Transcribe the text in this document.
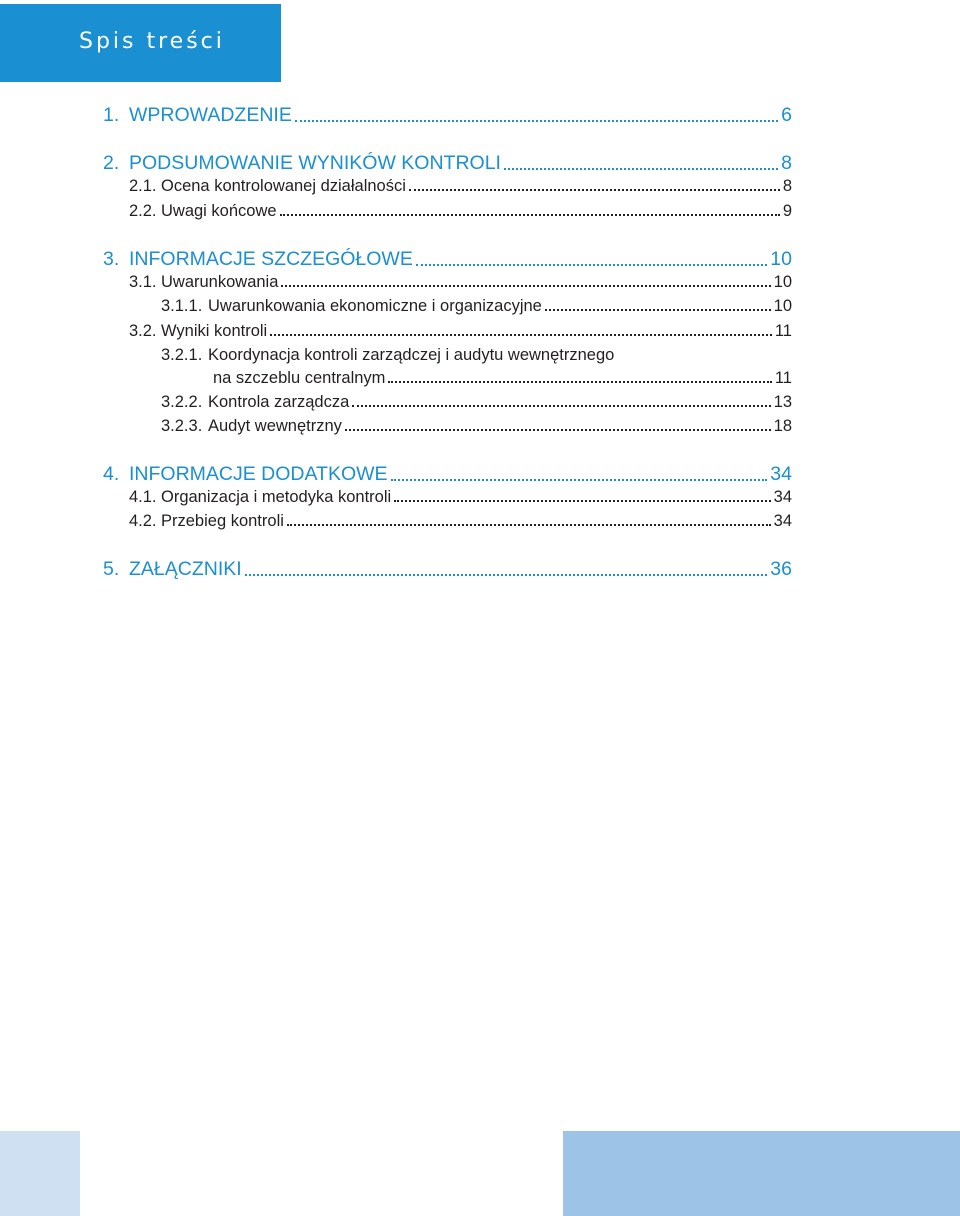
Spis treści
1. WPROWADZENIE	6
2. PODSUMOWANIE WYNIKÓW KONTROLI	8
2.1. Ocena kontrolowanej działalności	8
2.2. Uwagi końcowe	9
3. INFORMACJE SZCZEGÓŁOWE	10
3.1. Uwarunkowania	10
3.1.1. Uwarunkowania ekonomiczne i organizacyjne	10
3.2. Wyniki kontroli	11
3.2.1. Koordynacja kontroli zarządczej i audytu wewnętrznego
na szczeblu centralnym	11
3.2.2. Kontrola zarządcza	13
3.2.3. Audyt wewnętrzny	18
4. INFORMACJE DODATKOWE	34
4.1. Organizacja i metodyka kontroli	34
4.2. Przebieg kontroli	34
5. ZAŁĄCZNIKI	36
